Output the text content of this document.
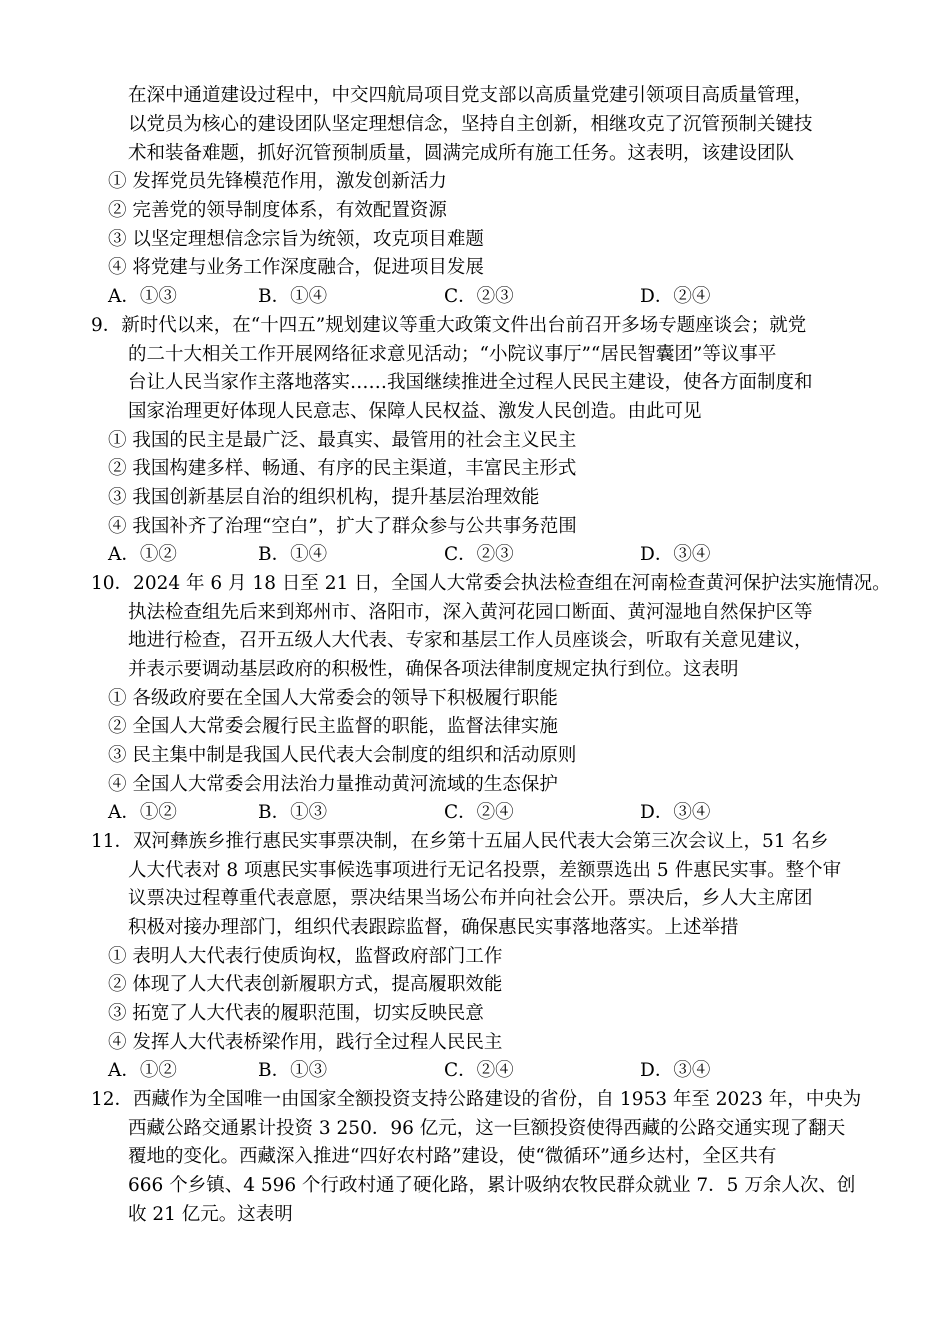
在深中通道建设过程中，中交四航局项目党支部以高质量党建引领项目高质量管理，
以党员为核心的建设团队坚定理想信念，坚持自主创新，相继攻克了沉管预制关键技
术和装备难题，抓好沉管预制质量，圆满完成所有施工任务。这表明，该建设团队
① 发挥党员先锋模范作用，激发创新活力
② 完善党的领导制度体系，有效配置资源
③ 以坚定理想信念宗旨为统领，攻克项目难题
④ 将党建与业务工作深度融合，促进项目发展
A．①③	B．①④	C．②③	D．②④
9．新时代以来，在“十四五”规划建议等重大政策文件出台前召开多场专题座谈会；就党
的二十大相关工作开展网络征求意见活动；“小院议事厅”“居民智囊团”等议事平
台让人民当家作主落地落实……我国继续推进全过程人民民主建设，使各方面制度和
国家治理更好体现人民意志、保障人民权益、激发人民创造。由此可见
① 我国的民主是最广泛、最真实、最管用的社会主义民主
② 我国构建多样、畅通、有序的民主渠道，丰富民主形式
③ 我国创新基层自治的组织机构，提升基层治理效能
④ 我国补齐了治理“空白”，扩大了群众参与公共事务范围
A．①②	B．①④	C．②③	D．③④
10．2024 年 6 月 18 日至 21 日，全国人大常委会执法检查组在河南检查黄河保护法实施情况。
执法检查组先后来到郑州市、洛阳市，深入黄河花园口断面、黄河湿地自然保护区等
地进行检查，召开五级人大代表、专家和基层工作人员座谈会，听取有关意见建议，
并表示要调动基层政府的积极性，确保各项法律制度规定执行到位。这表明
① 各级政府要在全国人大常委会的领导下积极履行职能
② 全国人大常委会履行民主监督的职能，监督法律实施
③ 民主集中制是我国人民代表大会制度的组织和活动原则
④ 全国人大常委会用法治力量推动黄河流域的生态保护
A．①②	B．①③	C．②④	D．③④
11．双河彝族乡推行惠民实事票决制，在乡第十五届人民代表大会第三次会议上，51 名乡
人大代表对 8 项惠民实事候选事项进行无记名投票，差额票选出 5 件惠民实事。整个审
议票决过程尊重代表意愿，票决结果当场公布并向社会公开。票决后，乡人大主席团
积极对接办理部门，组织代表跟踪监督，确保惠民实事落地落实。上述举措
① 表明人大代表行使质询权，监督政府部门工作
② 体现了人大代表创新履职方式，提高履职效能
③ 拓宽了人大代表的履职范围，切实反映民意
④ 发挥人大代表桥梁作用，践行全过程人民民主
A．①②	B．①③	C．②④	D．③④
12．西藏作为全国唯一由国家全额投资支持公路建设的省份，自 1953 年至 2023 年，中央为
西藏公路交通累计投资 3 250．96 亿元，这一巨额投资使得西藏的公路交通实现了翻天
覆地的变化。西藏深入推进“四好农村路”建设，使“微循环”通乡达村，全区共有
666 个乡镇、4 596 个行政村通了硬化路，累计吸纳农牧民群众就业 7．5 万余人次、创
收 21 亿元。这表明
